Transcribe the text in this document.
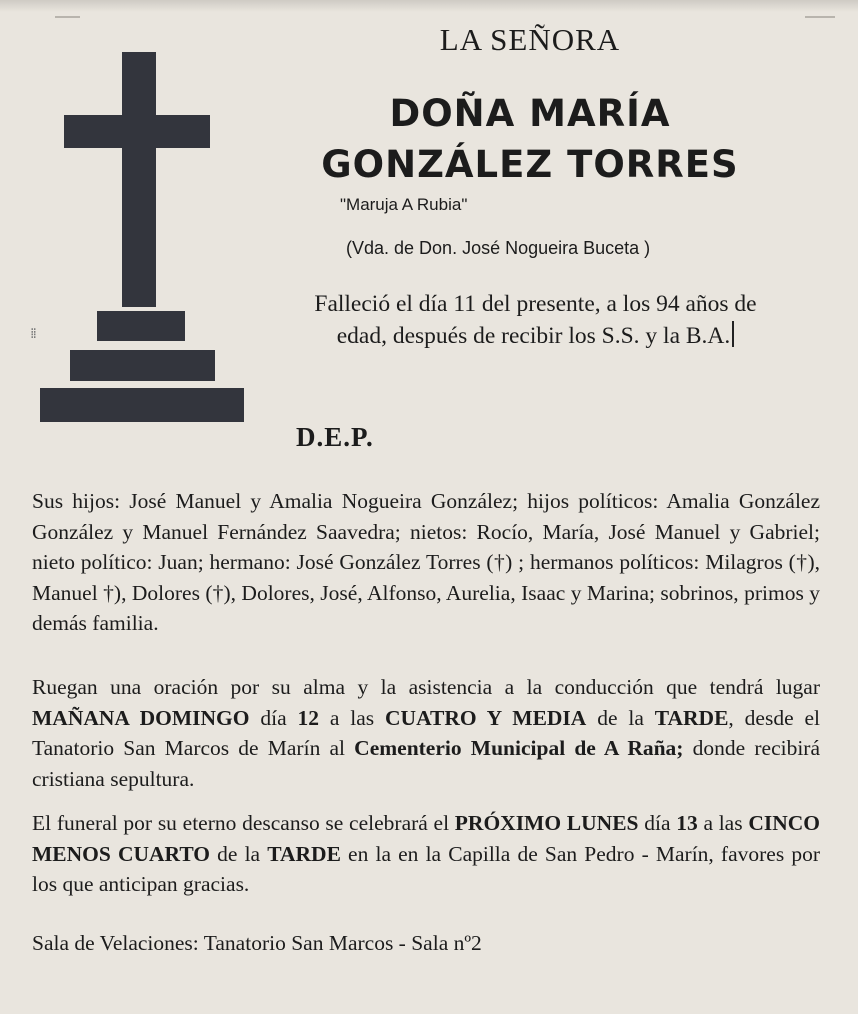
⁞⁞
LA SEÑORA
DOÑA MARÍA
GONZÁLEZ TORRES
"Maruja A Rubia"
(Vda. de Don. José Nogueira Buceta )
Falleció el día 11 del presente, a los 94 años de
edad, después de recibir los S.S. y la B.A.
D.E.P.
Sus hijos: José Manuel y Amalia Nogueira González; hijos políticos: Amalia González González y Manuel Fernández Saavedra; nietos: Rocío, María, José Manuel y Gabriel; nieto político: Juan; hermano: José González Torres (†) ; hermanos políticos: Milagros (†), Manuel †), Dolores (†), Dolores, José, Alfonso, Aurelia, Isaac y Marina; sobrinos, primos y demás familia.
Ruegan una oración por su alma y la asistencia a la conducción que tendrá lugar MAÑANA DOMINGO día 12 a las CUATRO Y MEDIA de la TARDE, desde el Tanatorio San Marcos de Marín al Cementerio Municipal de A Raña; donde recibirá cristiana sepultura.
El funeral por su eterno descanso se celebrará el PRÓXIMO LUNES día 13 a las CINCO MENOS CUARTO de la TARDE en la en la Capilla de San Pedro - Marín, favores por los que anticipan gracias.
Sala de Velaciones: Tanatorio San Marcos - Sala nº2
